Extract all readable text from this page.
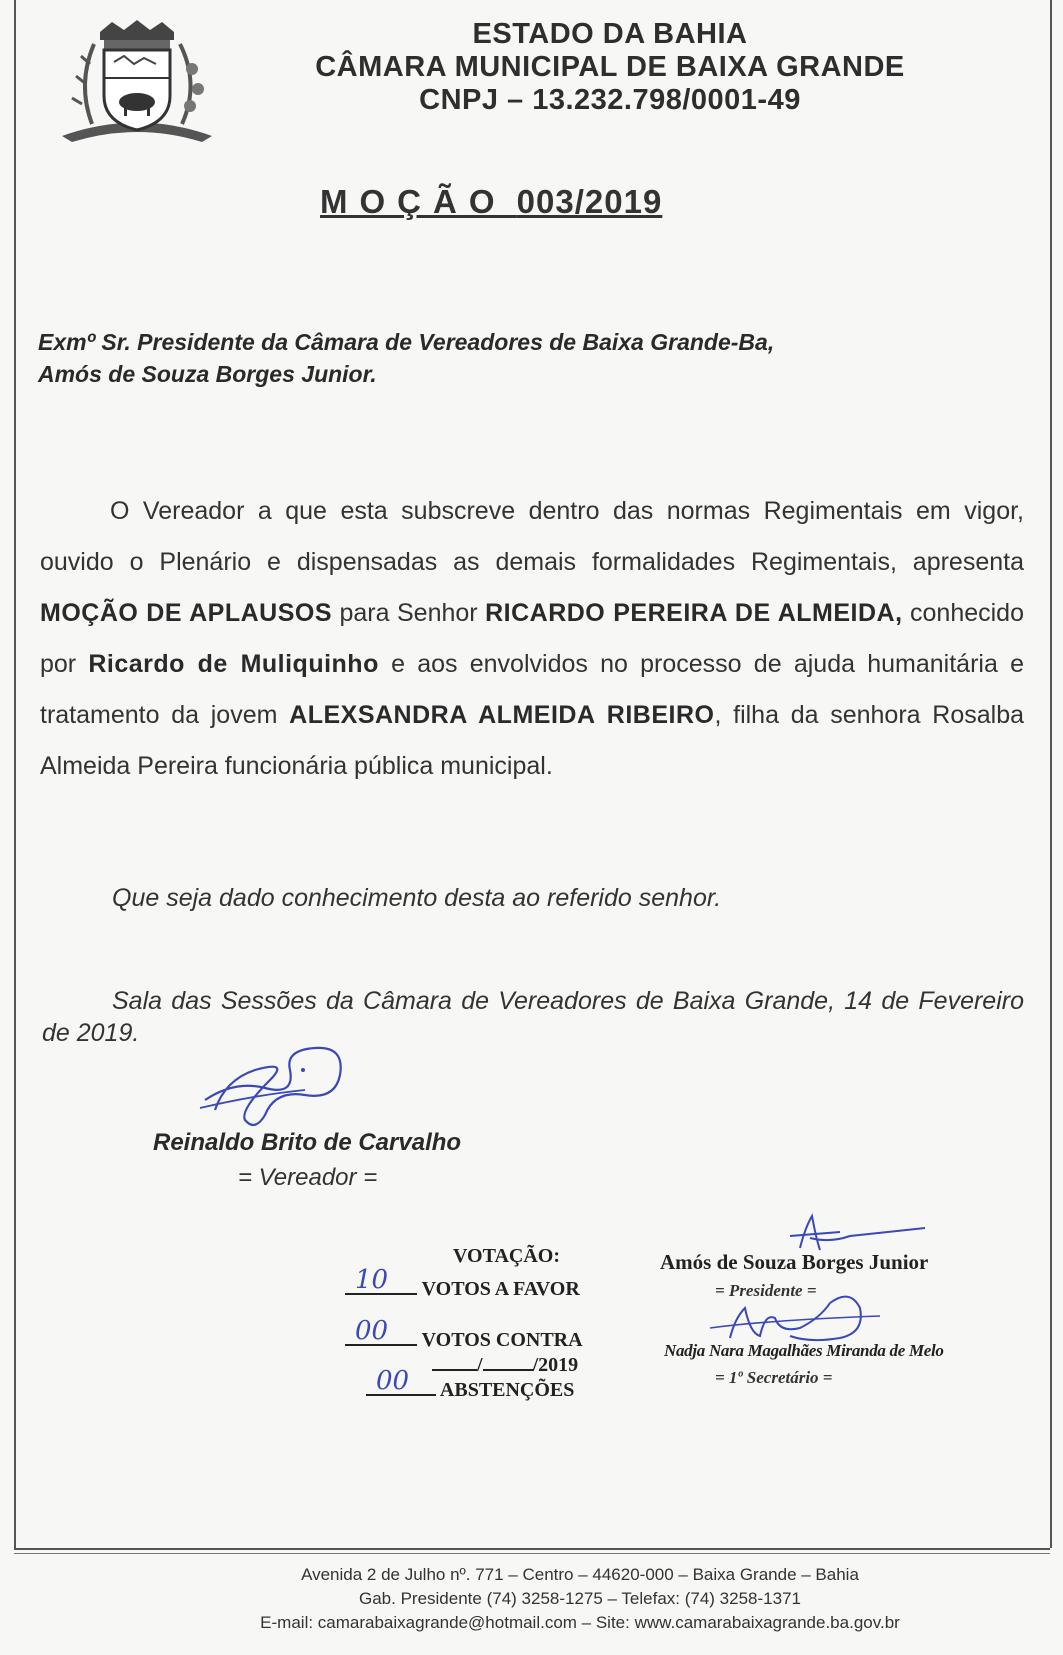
ESTADO DA BAHIA
CÂMARA MUNICIPAL DE BAIXA GRANDE
CNPJ – 13.232.798/0001-49
MOÇÃO 003/2019
Exmº Sr. Presidente da Câmara de Vereadores de Baixa Grande-Ba,
Amós de Souza Borges Junior.
O Vereador a que esta subscreve dentro das normas Regimentais em vigor, ouvido o Plenário e dispensadas as demais formalidades Regimentais, apresenta MOÇÃO DE APLAUSOS para Senhor RICARDO PEREIRA DE ALMEIDA, conhecido por Ricardo de Muliquinho e aos envolvidos no processo de ajuda humanitária e tratamento da jovem ALEXSANDRA ALMEIDA RIBEIRO, filha da senhora Rosalba Almeida Pereira funcionária pública municipal.
Que seja dado conhecimento desta ao referido senhor.
Sala das Sessões da Câmara de Vereadores de Baixa Grande, 14 de Fevereiro de 2019.
Reinaldo Brito de Carvalho
= Vereador =
VOTAÇÃO:
10 VOTOS A FAVOR
00 VOTOS CONTRA
/	/2019
00 ABSTENÇÕES
Amós de Souza Borges Junior
= Presidente =
Nadja Nara Magalhães Miranda de Melo
= 1º Secretário =
Avenida 2 de Julho nº. 771 – Centro – 44620-000 – Baixa Grande – Bahia
Gab. Presidente (74) 3258-1275 – Telefax: (74) 3258-1371
E-mail: camarabaixagrande@hotmail.com – Site: www.camarabaixagrande.ba.gov.br
